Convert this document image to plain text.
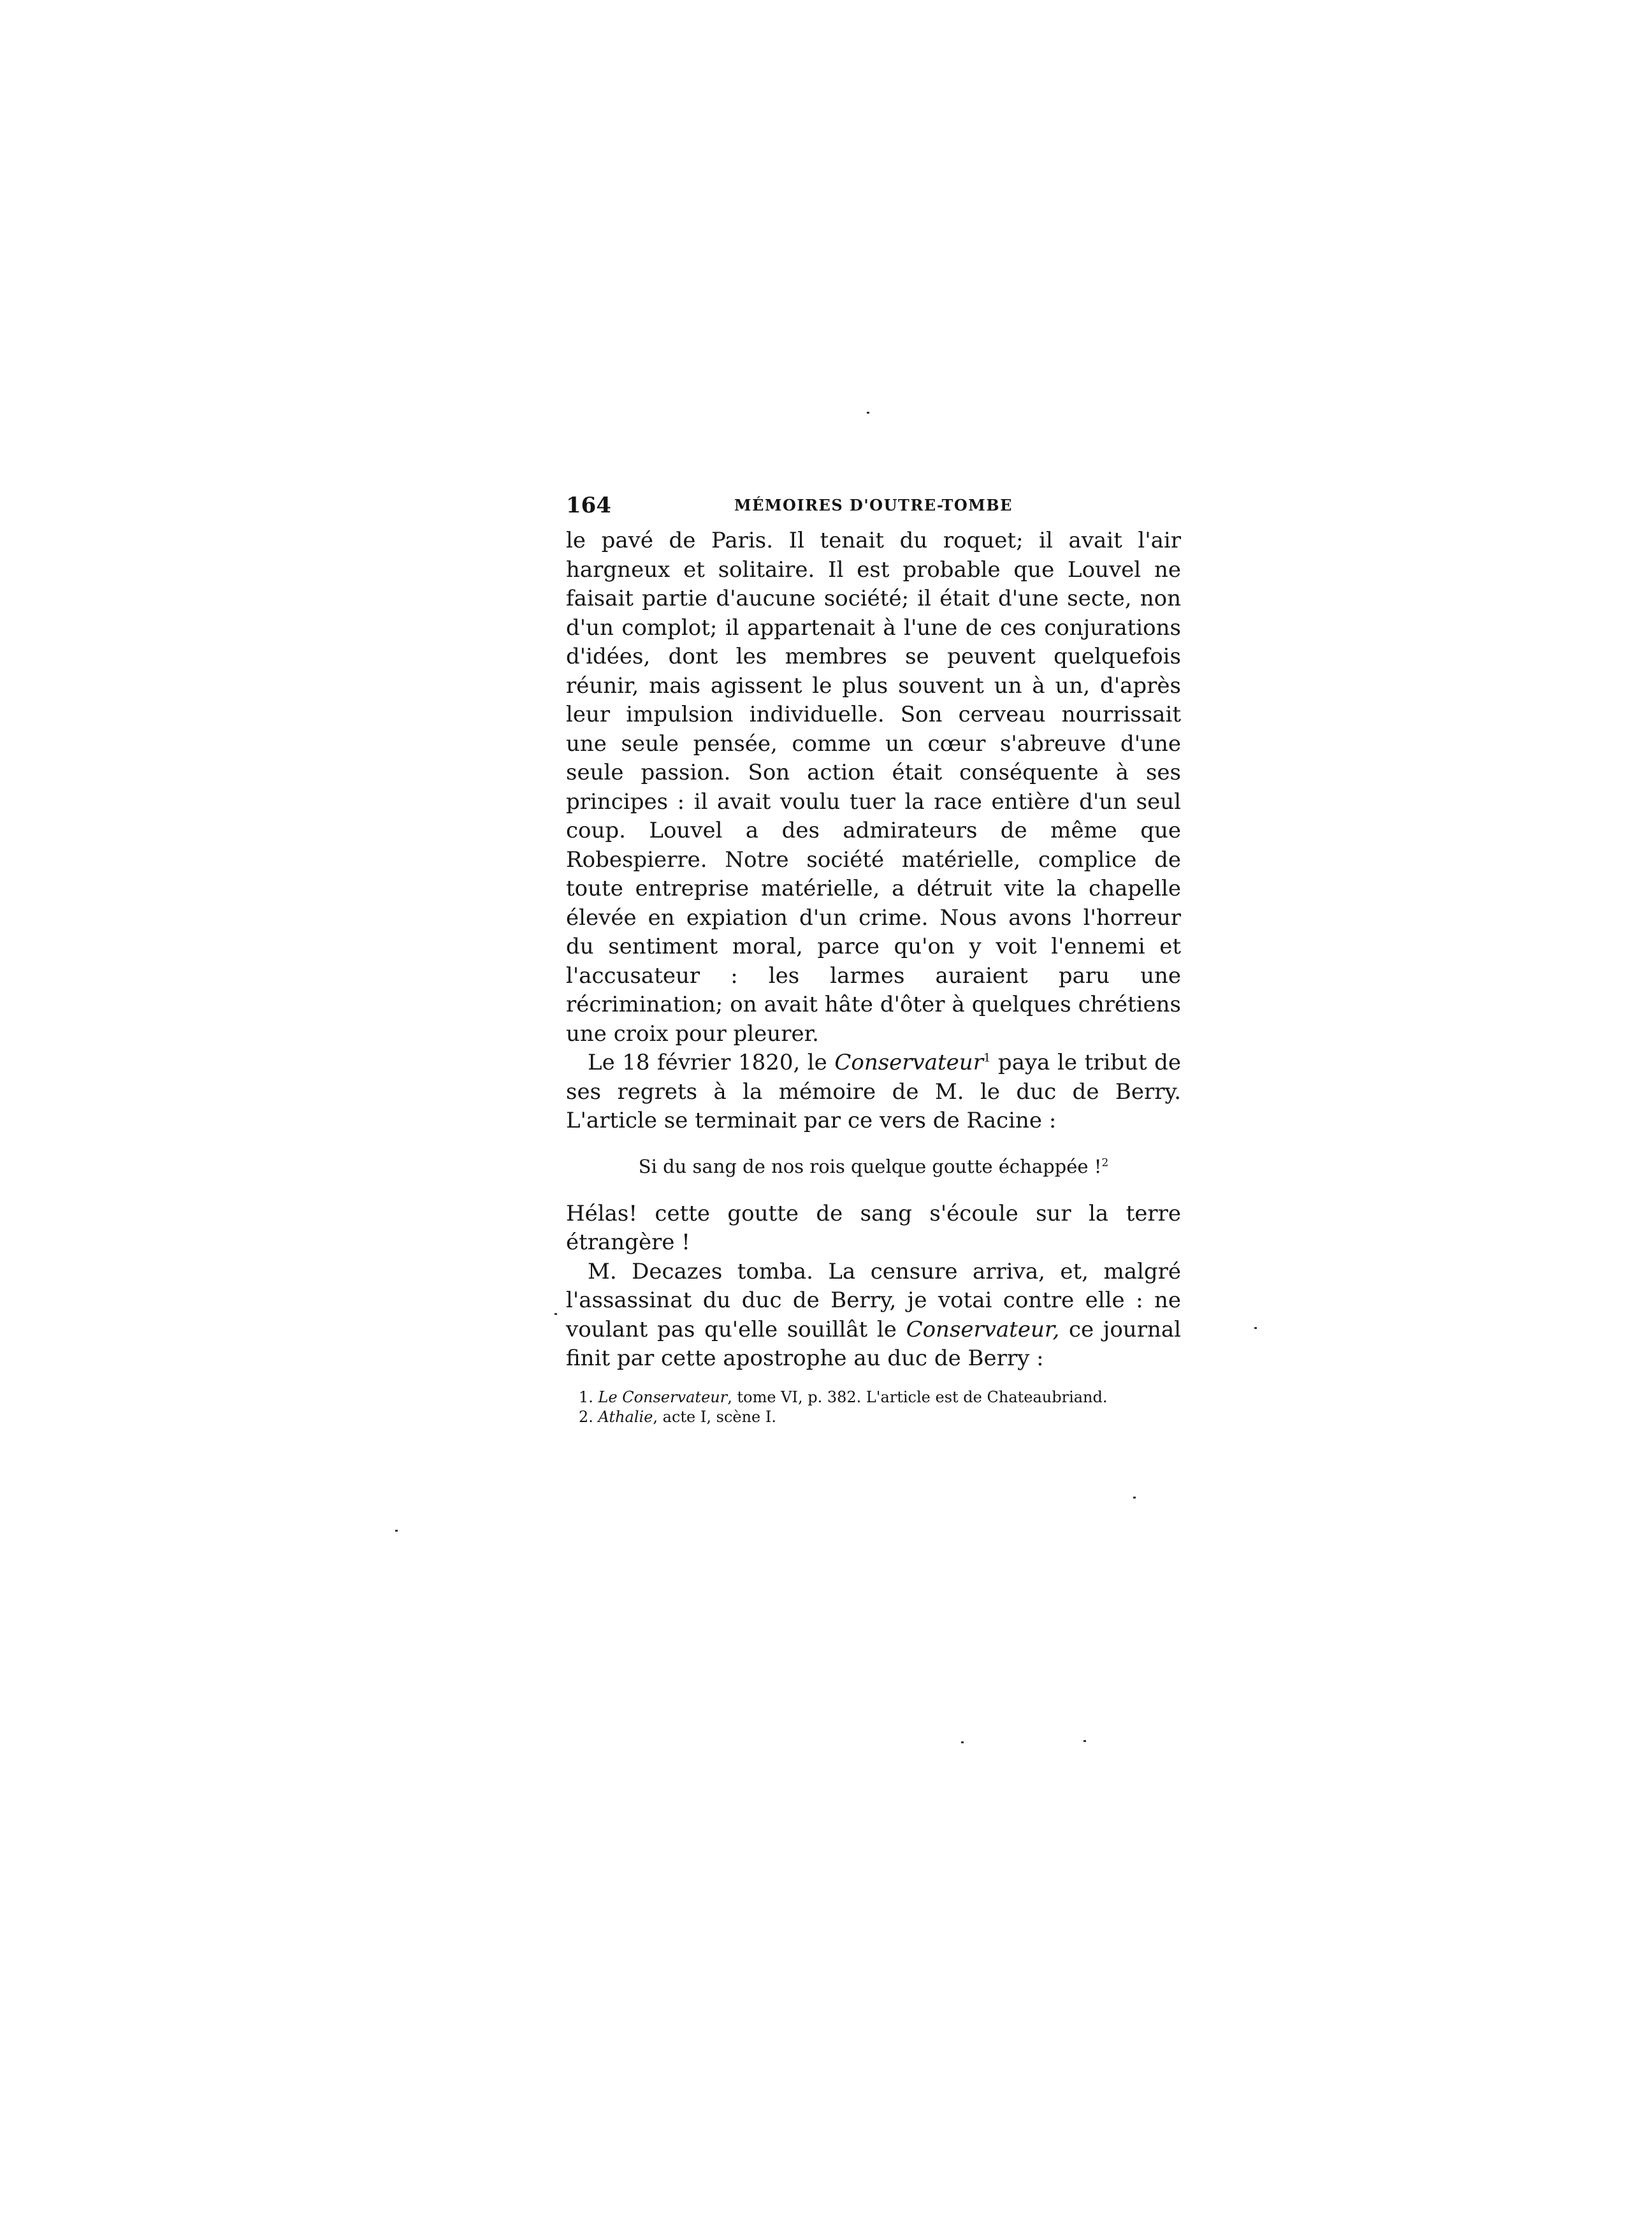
164	MÉMOIRES D'OUTRE-TOMBE

le pavé de Paris. Il tenait du roquet; il avait l'air hargneux et solitaire. Il est probable que Louvel ne faisait partie d'aucune société; il était d'une secte, non d'un complot; il appartenait à l'une de ces conjurations d'idées, dont les membres se peuvent quelquefois réunir, mais agissent le plus souvent un à un, d'après leur impulsion individuelle. Son cerveau nourrissait une seule pensée, comme un cœur s'abreuve d'une seule passion. Son action était conséquente à ses principes : il avait voulu tuer la race entière d'un seul coup. Louvel a des admirateurs de même que Robespierre. Notre société matérielle, complice de toute entreprise matérielle, a détruit vite la chapelle élevée en expiation d'un crime. Nous avons l'horreur du sentiment moral, parce qu'on y voit l'ennemi et l'accusateur : les larmes auraient paru une récrimination; on avait hâte d'ôter à quelques chrétiens une croix pour pleurer.

Le 18 février 1820, le Conservateur$^1$ paya le tribut de ses regrets à la mémoire de M. le duc de Berry. L'article se terminait par ce vers de Racine :

Si du sang de nos rois quelque goutte échappée !$^2$

Hélas! cette goutte de sang s'écoule sur la terre étrangère !

M. Decazes tomba. La censure arriva, et, malgré l'assassinat du duc de Berry, je votai contre elle : ne voulant pas qu'elle souillât le Conservateur, ce journal finit par cette apostrophe au duc de Berry :

1. Le Conservateur, tome VI, p. 382. L'article est de Chateaubriand.

2. Athalie, acte I, scène I.
